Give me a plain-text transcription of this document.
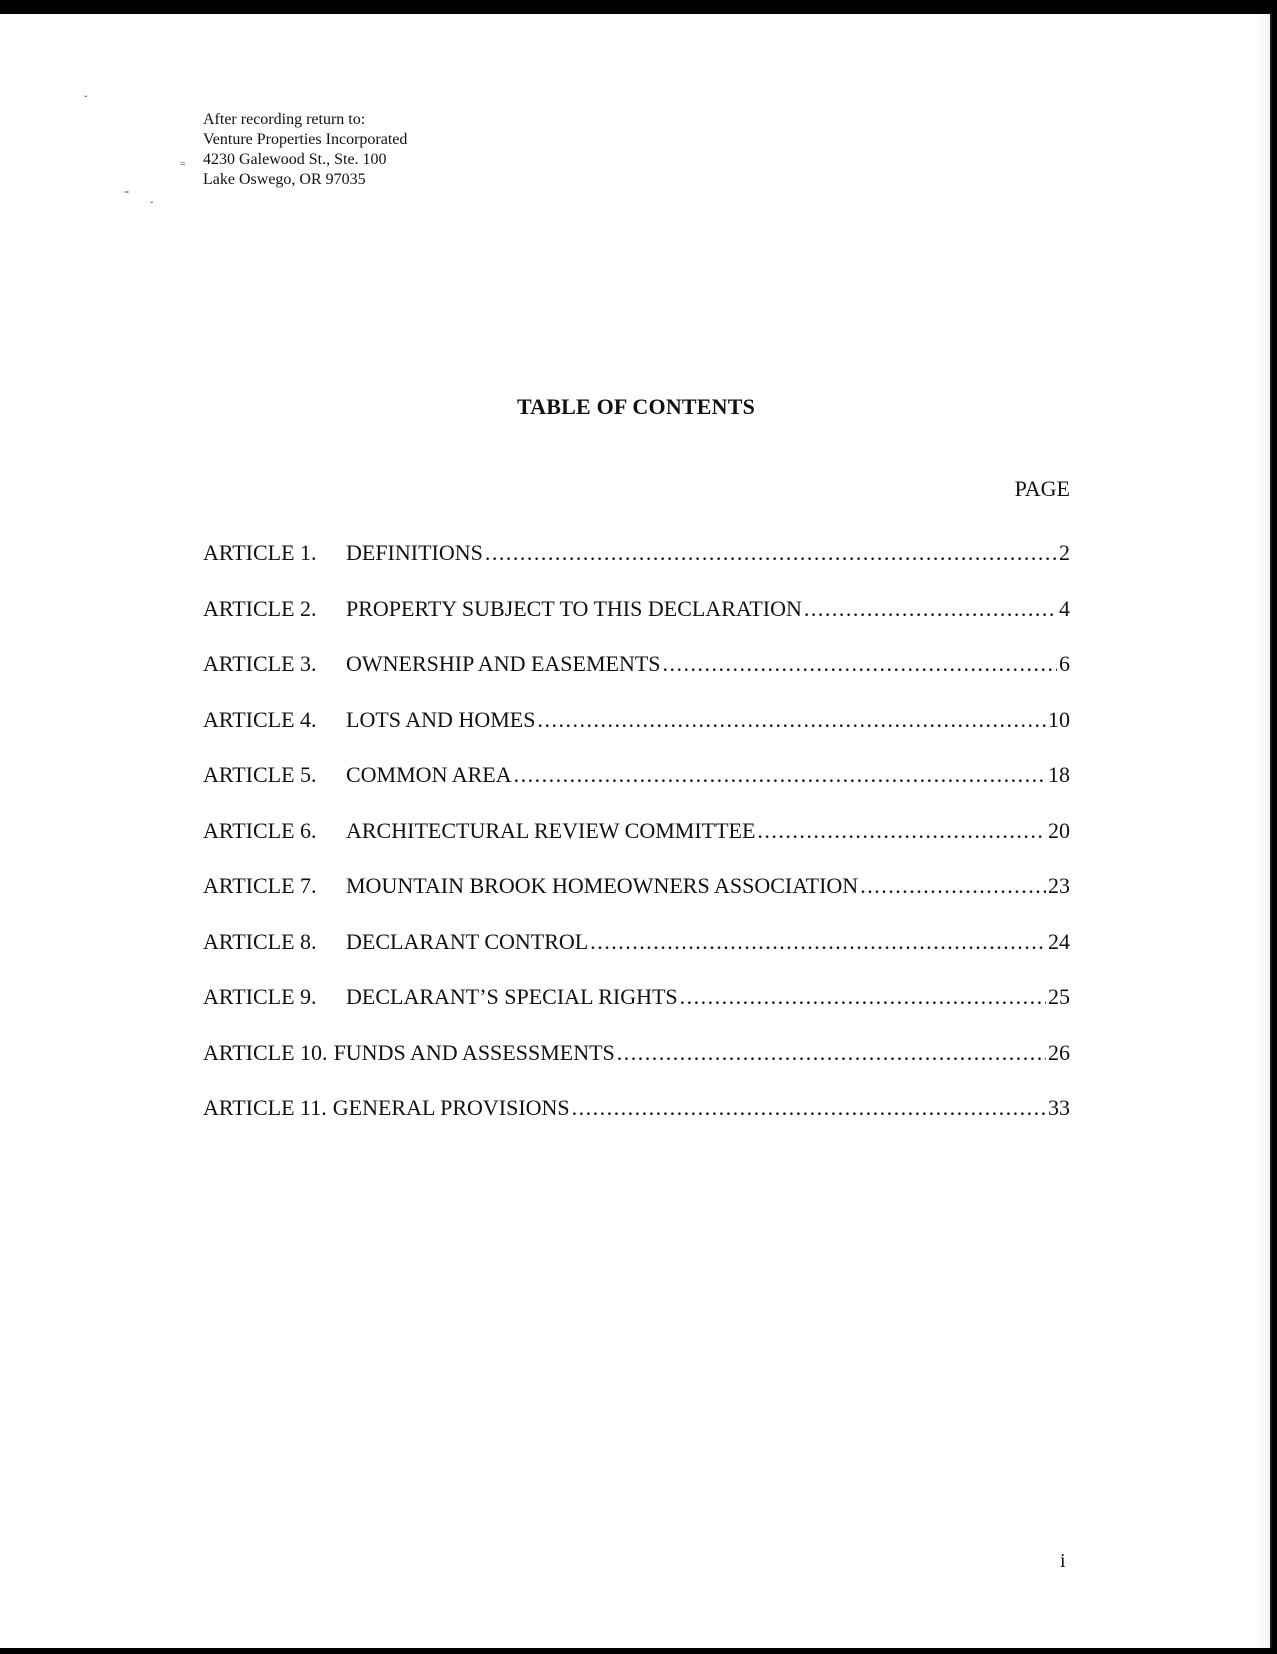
ˇ
=
⁼
ˇ
After recording return to:
Venture Properties Incorporated
4230 Galewood St., Ste. 100
Lake Oswego, OR 97035
TABLE OF CONTENTS
PAGE
ARTICLE 1.	DEFINITIONS .....	2
ARTICLE 2.	PROPERTY SUBJECT TO THIS DECLARATION .....	4
ARTICLE 3.	OWNERSHIP AND EASEMENTS .....	6
ARTICLE 4.	LOTS AND HOMES .....	10
ARTICLE 5.	COMMON AREA .....	18
ARTICLE 6.	ARCHITECTURAL REVIEW COMMITTEE .....	20
ARTICLE 7.	MOUNTAIN BROOK HOMEOWNERS ASSOCIATION .....	23
ARTICLE 8.	DECLARANT CONTROL .....	24
ARTICLE 9.	DECLARANT’S SPECIAL RIGHTS .....	25
ARTICLE 10. FUNDS AND ASSESSMENTS .....	26
ARTICLE 11. GENERAL PROVISIONS .....	33
i
